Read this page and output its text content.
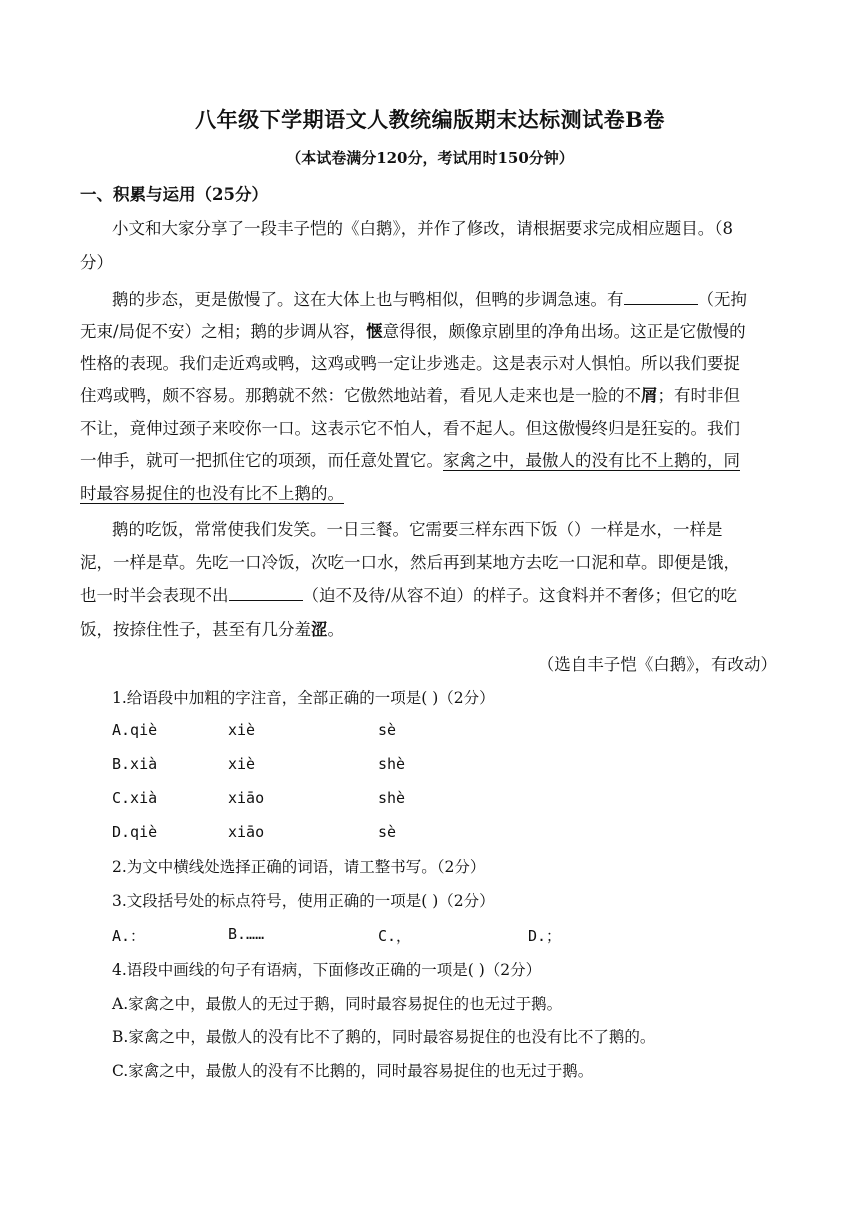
八年级下学期语文人教统编版期末达标测试卷B卷
（本试卷满分120分，考试用时150分钟）
一、积累与运用（25分）
小文和大家分享了一段丰子恺的《白鹅》，并作了修改，请根据要求完成相应题目。（8
分）
鹅的步态，更是傲慢了。这在大体上也与鸭相似，但鸭的步调急速。有	（无拘
无束/局促不安）之相；鹅的步调从容，惬意得很，颇像京剧里的净角出场。这正是它傲慢的
性格的表现。我们走近鸡或鸭，这鸡或鸭一定让步逃走。这是表示对人惧怕。所以我们要捉
住鸡或鸭，颇不容易。那鹅就不然：它傲然地站着，看见人走来也是一脸的不屑；有时非但
不让，竟伸过颈子来咬你一口。这表示它不怕人，看不起人。但这傲慢终归是狂妄的。我们
一伸手，就可一把抓住它的项颈，而任意处置它。家禽之中，最傲人的没有比不上鹅的，同
时最容易捉住的也没有比不上鹅的。
鹅的吃饭，常常使我们发笑。一日三餐。它需要三样东西下饭（）一样是水，一样是
泥，一样是草。先吃一口冷饭，次吃一口水，然后再到某地方去吃一口泥和草。即便是饿，
也一时半会表现不出	（迫不及待/从容不迫）的样子。这食料并不奢侈；但它的吃
饭，按捺住性子，甚至有几分羞涩。
（选自丰子恺《白鹅》，有改动）
1.给语段中加粗的字注音，全部正确的一项是( )（2分）
A.qiè	xiè	sè
B.xià	xiè	shè
C.xià	xiāo	shè
D.qiè	xiāo	sè
2.为文中横线处选择正确的词语，请工整书写。（2分）
3.文段括号处的标点符号，使用正确的一项是( )（2分）
A.：	B.……	C.，	D.；
4.语段中画线的句子有语病，下面修改正确的一项是( )（2分）
A.家禽之中，最傲人的无过于鹅，同时最容易捉住的也无过于鹅。
B.家禽之中，最傲人的没有比不了鹅的，同时最容易捉住的也没有比不了鹅的。
C.家禽之中，最傲人的没有不比鹅的，同时最容易捉住的也无过于鹅。
